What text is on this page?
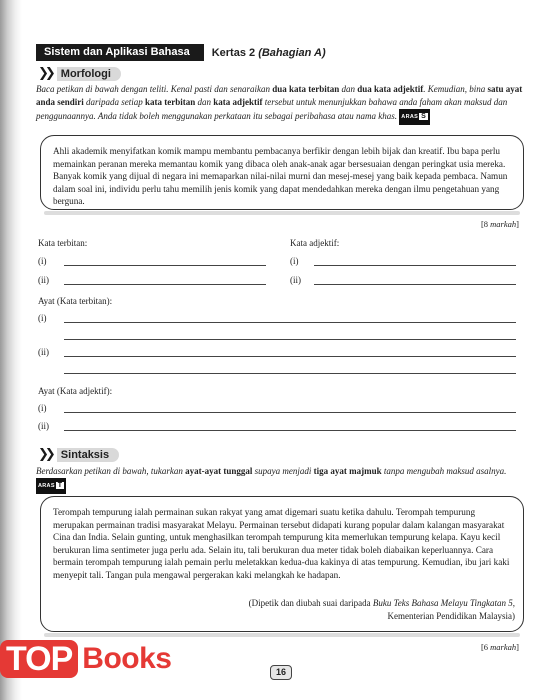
Sistem dan Aplikasi Bahasa	Kertas 2 (Bahagian A)
❯❯ Morfologi
Baca petikan di bawah dengan teliti. Kenal pasti dan senaraikan dua kata terbitan dan dua kata adjektif. Kemudian, bina satu ayat anda sendiri daripada setiap kata terbitan dan kata adjektif tersebut untuk menunjukkan bahawa anda faham akan maksud dan penggunaannya. Anda tidak boleh menggunakan perkataan itu sebagai peribahasa atau nama khas. ARAS S
Ahli akademik menyifatkan komik mampu membantu pembacanya berfikir dengan lebih bijak dan kreatif. Ibu bapa perlu memainkan peranan mereka memantau komik yang dibaca oleh anak-anak agar bersesuaian dengan peringkat usia mereka. Banyak komik yang dijual di negara ini memaparkan nilai-nilai murni dan mesej-mesej yang baik kepada pembaca. Namun dalam soal ini, individu perlu tahu memilih jenis komik yang dapat mendedahkan mereka dengan ilmu pengetahuan yang berguna.
[8 markah]
Kata terbitan:	Kata adjektif:
(i)	(i)
(ii)	(ii)
Ayat (Kata terbitan):
(i)
(ii)
Ayat (Kata adjektif):
(i)
(ii)
❯❯ Sintaksis
Berdasarkan petikan di bawah, tukarkan ayat-ayat tunggal supaya menjadi tiga ayat majmuk tanpa mengubah maksud asalnya. ARAS T
Terompah tempurung ialah permainan sukan rakyat yang amat digemari suatu ketika dahulu. Terompah tempurung merupakan permainan tradisi masyarakat Melayu. Permainan tersebut didapati kurang popular dalam kalangan masyarakat Cina dan India. Selain gunting, untuk menghasilkan terompah tempurung kita memerlukan tempurung kelapa. Kayu kecil berukuran lima sentimeter juga perlu ada. Selain itu, tali berukuran dua meter tidak boleh diabaikan keperluannya. Cara bermain terompah tempurung ialah pemain perlu meletakkan kedua-dua kakinya di atas tempurung. Kemudian, ibu jari kaki menyepit tali. Tangan pula mengawal pergerakan kaki melangkah ke hadapan.
(Dipetik dan diubah suai daripada Buku Teks Bahasa Melayu Tingkatan 5,
Kementerian Pendidikan Malaysia)
[6 markah]
16
TOP Books
